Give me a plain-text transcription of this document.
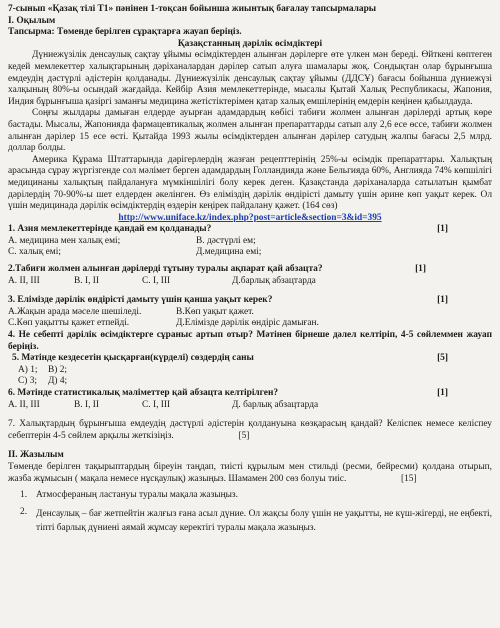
7-сынып «Қазақ тілі Т1» пәнінен 1-тоқсан бойынша жиынтық бағалау тапсырмалары
I. Оқылым
Тапсырма: Төменде берілген сұрақтарға жауап беріңіз.
Қазақстанның дәрілік өсімдіктері
Дүниежүзілік денсаулық сақтау ұйымы өсімдіктерден алынған дәрілерге өте үлкен мән береді. Өйткені көптеген кедей мемлекеттер халықтарының дәріханалардан дәрілер сатып алуға шамалары жоқ. Сондықтан олар бұрынғыша емдеудің дәстүрлі әдістерін қолданады. Дүниежүзілік денсаулық сақтау ұйымы (ДДСҰ) бағасы бойынша дүниежүзі халқының 80%-ы осындай жағдайда. Кейбір Азия мемлекеттерінде, мысалы Қытай Халық Республикасы, Жапония, Индия бұрынғыша қазіргі заманғы медицина жетістіктерімен қатар халық емшілерінің емдерін кеңінен қабылдауда.
Соңғы жылдары дамыған елдерде ауырған адамдардың көбісі табиғи жолмен алынған дәрілерді артық көре бастады. Мысалы, Жапонияда фармацевтикалық жолмен алынған препараттарды сатып алу 2,6 есе өссе, табиғи жолмен алынған дәрілер 15 есе өсті. Қытайда 1993 жылы өсімдіктерден алынған дәрілер сатудың жалпы бағасы 2,5 млрд. доллар болды.
Америка Құрама Штаттарында дәрігерлердің жазған рецепттерінің 25%-ы өсімдік препараттары. Халықтың арасында сұрау жүргізгенде сол мәлімет берген адамдардың Голландияда және Бельгияда 60%, Англияда 74% көпшілігі медицинаны халықтың пайдалануға мүмкіншілігі болу керек деген. Қазақстанда дәріханаларда сатылатын қымбат дәрілердің 70-90%-ы шет елдерден әкелінген. Өз еліміздің дәрілік өндірісті дамыту үшін әрине көп уақыт керек. Ол үшін медицинада дәрілік өсімдіктердің өздерін кеңірек пайдалану қажет. (164 сөз)
http://www.uniface.kz/index.php?post=article&section=3&id=395
1. Азия мемлекеттерінде қандай ем қолданады?	[1]
А. медицина мен халық емі;	В. дәстүрлі ем;
С. халық емі;	Д.медицина емі;
2.Табиғи жолмен алынған дәрілерді тұтыну туралы ақпарат қай абзацта?	[1]
А. ІІ, ІІІ	В. І, ІІ	С. І, ІІІ	Д.барлық абзацтарда
3. Елімізде дәрілік өндірісті дамыту үшін қанша уақыт керек?	[1]
А.Жақын арада мәселе шешіледі.	В.Көп уақыт қажет.
С.Көп уақытты қажет етпейді.	Д.Елімізде дәрілік өндіріс дамыған.
4. Не себепті дәрілік өсімдіктерге сұраныс артып отыр? Мәтінен бірнеше дәлел келтіріп, 4-5 сөйлеммен жауап беріңіз.
5. Мәтінде кездесетін қысқарған(күрделі) сөздердің саны	[5]
А) 1;	В) 2;
С) 3;	Д) 4;
6. Мәтінде статистикалық мәліметтер қай абзацта келтірілген?	[1]
А. ІІ, ІІІ	В. І, ІІ	С. І, ІІІ	Д. барлық абзацтарда
7. Халықтардың бұрынғыша емдеудің дәстүрлі әдістерін қолдануына көзқарасың қандай? Келіспек немесе келіспеу себептерін 4-5 сөйлем арқылы жеткізіңіз.	[5]
II. Жазылым
Төменде берілген тақырыптардың біреуін таңдап, тиісті құрылым мен стильді (ресми, бейресми) қолдана отырып, жазба жұмысын ( мақала немесе нұсқаулық) жазыңыз. Шамамен 200 сөз болуы тиіс.	[15]
1. Атмосфераның ластануы туралы мақала жазыңыз.
2. Денсаулық – бағ жетпейтін жалғыз ғана асыл дүние. Ол жақсы болу үшін не уақытты, не күш-жігерді, не еңбекті, тіпті барлық дүниені аямай жұмсау керектігі туралы мақала жазыңыз.
